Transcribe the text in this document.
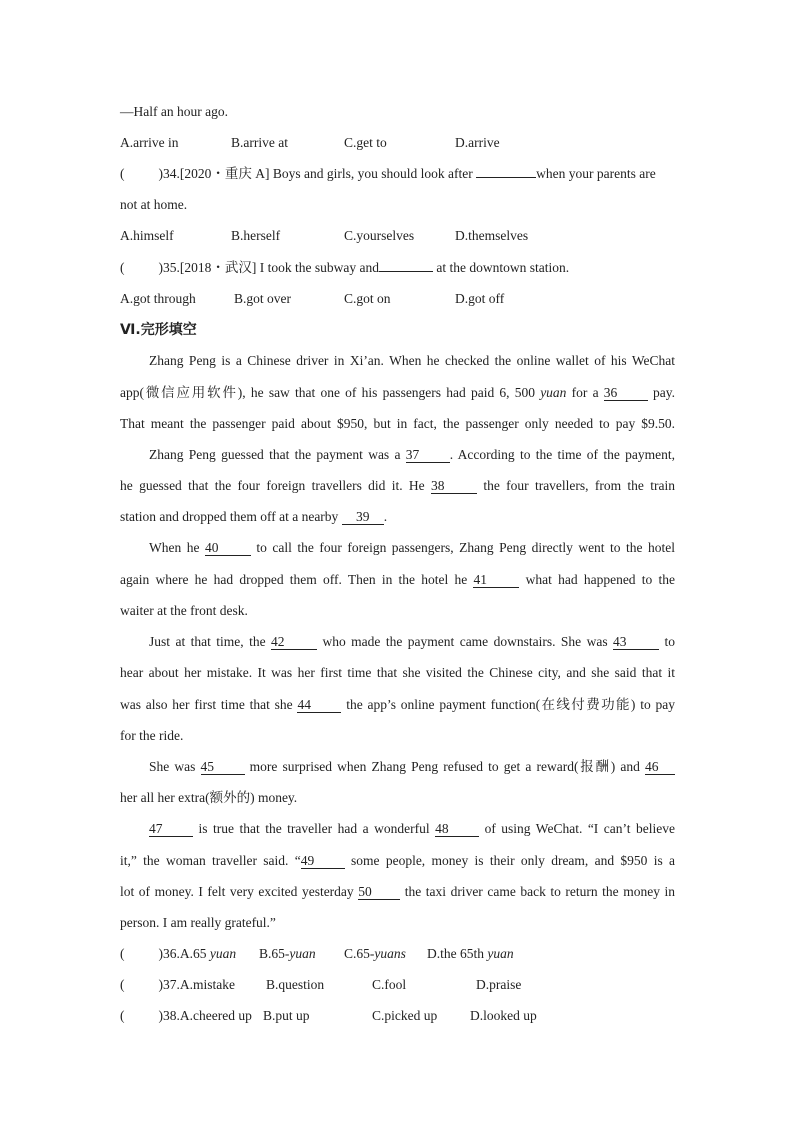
—Half an hour ago.
A.arrive in	B.arrive at	C.get to	D.arrive
(	)34.[2020・重庆 A] Boys and girls, you should look after	when your parents are
not at home.
A.himself	B.herself	C.yourselves	D.themselves
(	)35.[2018・武汉] I took the subway and	at the downtown station.
A.got through	B.got over	C.got on	D.got off
Ⅵ.完形填空
Zhang Peng is a Chinese driver in Xi’an. When he checked the online wallet of his WeChat
app(微信应用软件), he saw that one of his passengers had paid 6, 500 yuan for a 36 pay.
That meant the passenger paid about $950, but in fact, the passenger only needed to pay $9.50.
Zhang Peng guessed that the payment was a 37 . According to the time of the payment,
he guessed that the four foreign travellers did it. He 38 the four travellers, from the train
station and dropped them off at a nearby 39 .
When he 40 to call the four foreign passengers, Zhang Peng directly went to the hotel
again where he had dropped them off. Then in the hotel he 41 what had happened to the
waiter at the front desk.
Just at that time, the 42 who made the payment came downstairs. She was 43 to
hear about her mistake. It was her first time that she visited the Chinese city, and she said that it
was also her first time that she 44 the app’s online payment function(在线付费功能) to pay
for the ride.
She was 45 more surprised when Zhang Peng refused to get a reward(报酬) and 46
her all her extra(额外的) money.
47 is true that the traveller had a wonderful 48 of using WeChat. “I can’t believe
it,” the woman traveller said. “49 some people, money is their only dream, and $950 is a
lot of money. I felt very excited yesterday 50 the taxi driver came back to return the money in
person. I am really grateful.”
(	)36.A.65 yuan B.65-yuan C.65-yuans D.the 65th yuan
(	)37.A.mistake B.question	C.fool	D.praise
(	)38.A.cheered up B.put up	C.picked up D.looked up
